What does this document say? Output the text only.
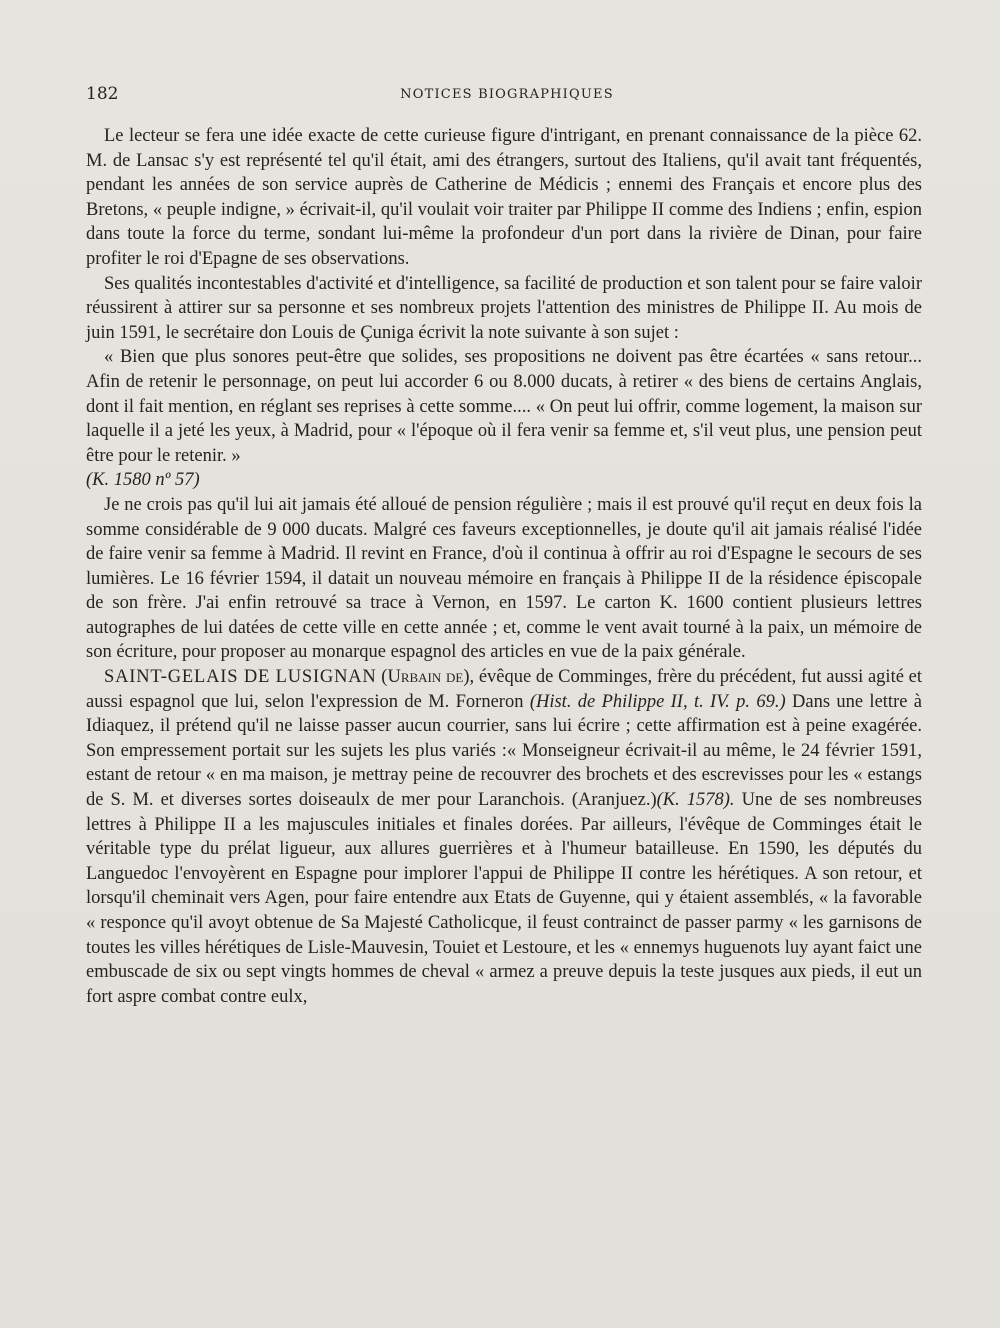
182	NOTICES BIOGRAPHIQUES

Le lecteur se fera une idée exacte de cette curieuse figure d'intrigant, en prenant connaissance de la pièce 62. M. de Lansac s'y est représenté tel qu'il était, ami des étrangers, surtout des Italiens, qu'il avait tant fréquentés, pendant les années de son service auprès de Catherine de Médicis ; ennemi des Français et encore plus des Bretons, « peuple indigne, » écrivait-il, qu'il voulait voir traiter par Philippe II comme des Indiens ; enfin, espion dans toute la force du terme, sondant lui-même la profondeur d'un port dans la rivière de Dinan, pour faire profiter le roi d'Epagne de ses observations.

Ses qualités incontestables d'activité et d'intelligence, sa facilité de production et son talent pour se faire valoir réussirent à attirer sur sa personne et ses nombreux projets l'attention des ministres de Philippe II. Au mois de juin 1591, le secrétaire don Louis de Çuniga écrivit la note suivante à son sujet :

« Bien que plus sonores peut-être que solides, ses propositions ne doivent pas être écartées « sans retour... Afin de retenir le personnage, on peut lui accorder 6 ou 8.000 ducats, à retirer « des biens de certains Anglais, dont il fait mention, en réglant ses reprises à cette somme.... « On peut lui offrir, comme logement, la maison sur laquelle il a jeté les yeux, à Madrid, pour « l'époque où il fera venir sa femme et, s'il veut plus, une pension peut être pour le retenir. »
(K. 1580 nº 57)

Je ne crois pas qu'il lui ait jamais été alloué de pension régulière ; mais il est prouvé qu'il reçut en deux fois la somme considérable de 9 000 ducats. Malgré ces faveurs exceptionnelles, je doute qu'il ait jamais réalisé l'idée de faire venir sa femme à Madrid. Il revint en France, d'où il continua à offrir au roi d'Espagne le secours de ses lumières. Le 16 février 1594, il datait un nouveau mémoire en français à Philippe II de la résidence épiscopale de son frère. J'ai enfin retrouvé sa trace à Vernon, en 1597. Le carton K. 1600 contient plusieurs lettres autographes de lui datées de cette ville en cette année ; et, comme le vent avait tourné à la paix, un mémoire de son écriture, pour proposer au monarque espagnol des articles en vue de la paix générale.

SAINT-GELAIS DE LUSIGNAN (Urbain de), évêque de Comminges, frère du précédent, fut aussi agité et aussi espagnol que lui, selon l'expression de M. Forneron (Hist. de Philippe II, t. IV. p. 69.) Dans une lettre à Idiaquez, il prétend qu'il ne laisse passer aucun courrier, sans lui écrire ; cette affirmation est à peine exagérée. Son empressement portait sur les sujets les plus variés :« Monseigneur écrivait-il au même, le 24 février 1591, estant de retour « en ma maison, je mettray peine de recouvrer des brochets et des escrevisses pour les « estangs de S. M. et diverses sortes doiseaulx de mer pour Laranchois. (Aranjuez.)(K. 1578). Une de ses nombreuses lettres à Philippe II a les majuscules initiales et finales dorées. Par ailleurs, l'évêque de Comminges était le véritable type du prélat ligueur, aux allures guerrières et à l'humeur batailleuse. En 1590, les députés du Languedoc l'envoyèrent en Espagne pour implorer l'appui de Philippe II contre les hérétiques. A son retour, et lorsqu'il cheminait vers Agen, pour faire entendre aux Etats de Guyenne, qui y étaient assemblés, « la favorable « responce qu'il avoyt obtenue de Sa Majesté Catholicque, il feust contrainct de passer parmy « les garnisons de toutes les villes hérétiques de Lisle-Mauvesin, Touiet et Lestoure, et les « ennemys huguenots luy ayant faict une embuscade de six ou sept vingts hommes de cheval « armez a preuve depuis la teste jusques aux pieds, il eut un fort aspre combat contre eulx,
